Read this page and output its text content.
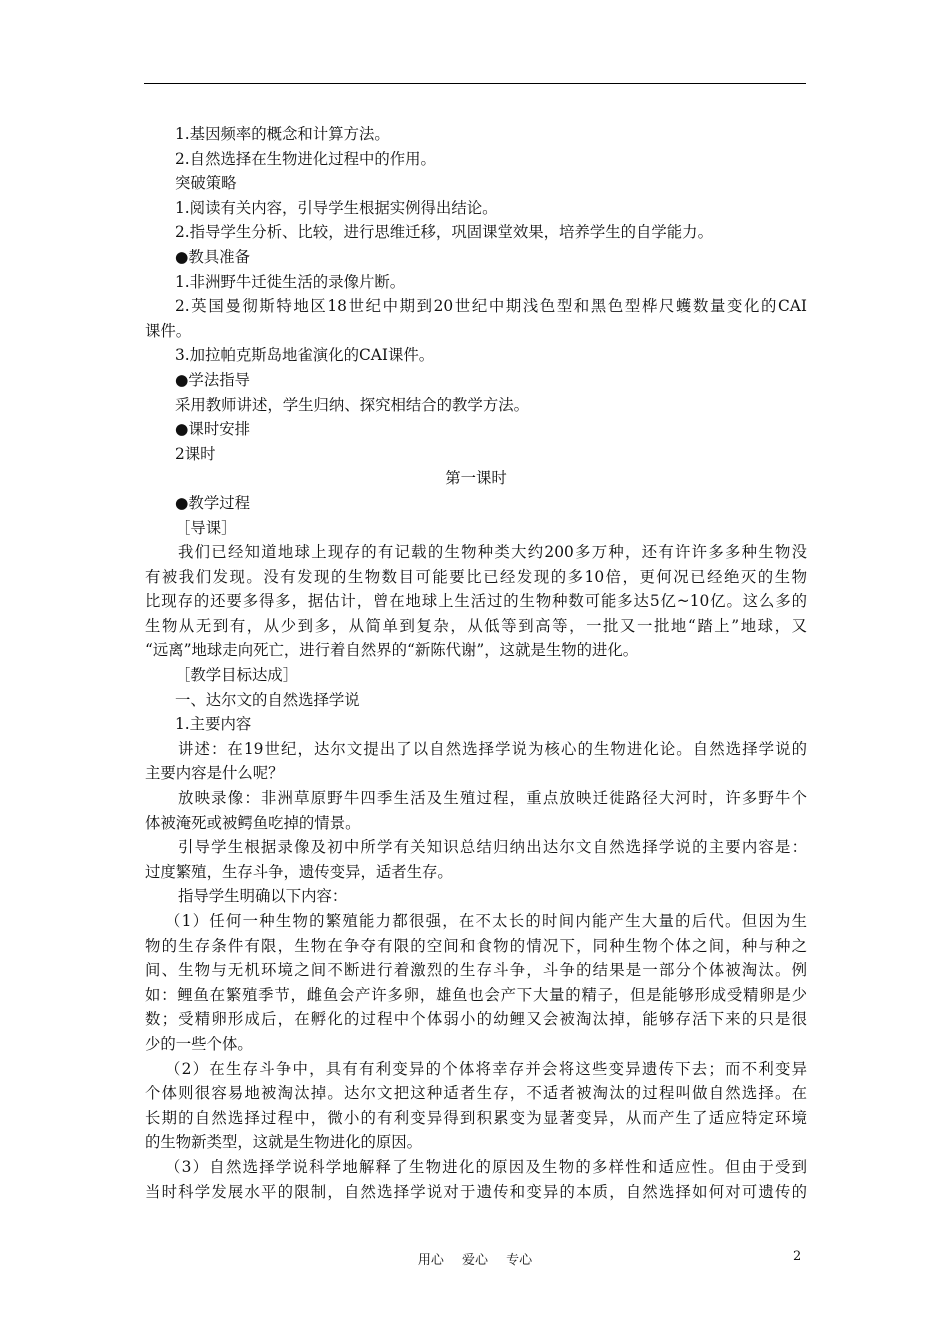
1.基因频率的概念和计算方法。
2.自然选择在生物进化过程中的作用。
突破策略
1.阅读有关内容，引导学生根据实例得出结论。
2.指导学生分析、比较，进行思维迁移，巩固课堂效果，培养学生的自学能力。
●教具准备
1.非洲野牛迁徙生活的录像片断。
2.英国曼彻斯特地区18世纪中期到20世纪中期浅色型和黑色型桦尺蠖数量变化的CAI
课件。
3.加拉帕克斯岛地雀演化的CAI课件。
●学法指导
采用教师讲述，学生归纳、探究相结合的教学方法。
●课时安排
2课时
第一课时
●教学过程
［导课］
我们已经知道地球上现存的有记载的生物种类大约200多万种，还有许许多多种生物没
有被我们发现。没有发现的生物数目可能要比已经发现的多10倍，更何况已经绝灭的生物
比现存的还要多得多，据估计，曾在地球上生活过的生物种数可能多达5亿~10亿。这么多的
生物从无到有，从少到多，从简单到复杂，从低等到高等，一批又一批地“踏上”地球，又
“远离”地球走向死亡，进行着自然界的“新陈代谢”，这就是生物的进化。
［教学目标达成］
一、达尔文的自然选择学说
1.主要内容
讲述：在19世纪，达尔文提出了以自然选择学说为核心的生物进化论。自然选择学说的
主要内容是什么呢？
放映录像：非洲草原野牛四季生活及生殖过程，重点放映迁徙路径大河时，许多野牛个
体被淹死或被鳄鱼吃掉的情景。
引导学生根据录像及初中所学有关知识总结归纳出达尔文自然选择学说的主要内容是：
过度繁殖，生存斗争，遗传变异，适者生存。
指导学生明确以下内容：
（1）任何一种生物的繁殖能力都很强，在不太长的时间内能产生大量的后代。但因为生
物的生存条件有限，生物在争夺有限的空间和食物的情况下，同种生物个体之间，种与种之
间、生物与无机环境之间不断进行着激烈的生存斗争，斗争的结果是一部分个体被淘汰。例
如：鲤鱼在繁殖季节，雌鱼会产许多卵，雄鱼也会产下大量的精子，但是能够形成受精卵是少
数；受精卵形成后，在孵化的过程中个体弱小的幼鲤又会被淘汰掉，能够存活下来的只是很
少的一些个体。
（2）在生存斗争中，具有有利变异的个体将幸存并会将这些变异遗传下去；而不利变异
个体则很容易地被淘汰掉。达尔文把这种适者生存，不适者被淘汰的过程叫做自然选择。在
长期的自然选择过程中，微小的有利变异得到积累变为显著变异，从而产生了适应特定环境
的生物新类型，这就是生物进化的原因。
（3）自然选择学说科学地解释了生物进化的原因及生物的多样性和适应性。但由于受到
当时科学发展水平的限制，自然选择学说对于遗传和变异的本质，自然选择如何对可遗传的
用心 爱心 专心	2
